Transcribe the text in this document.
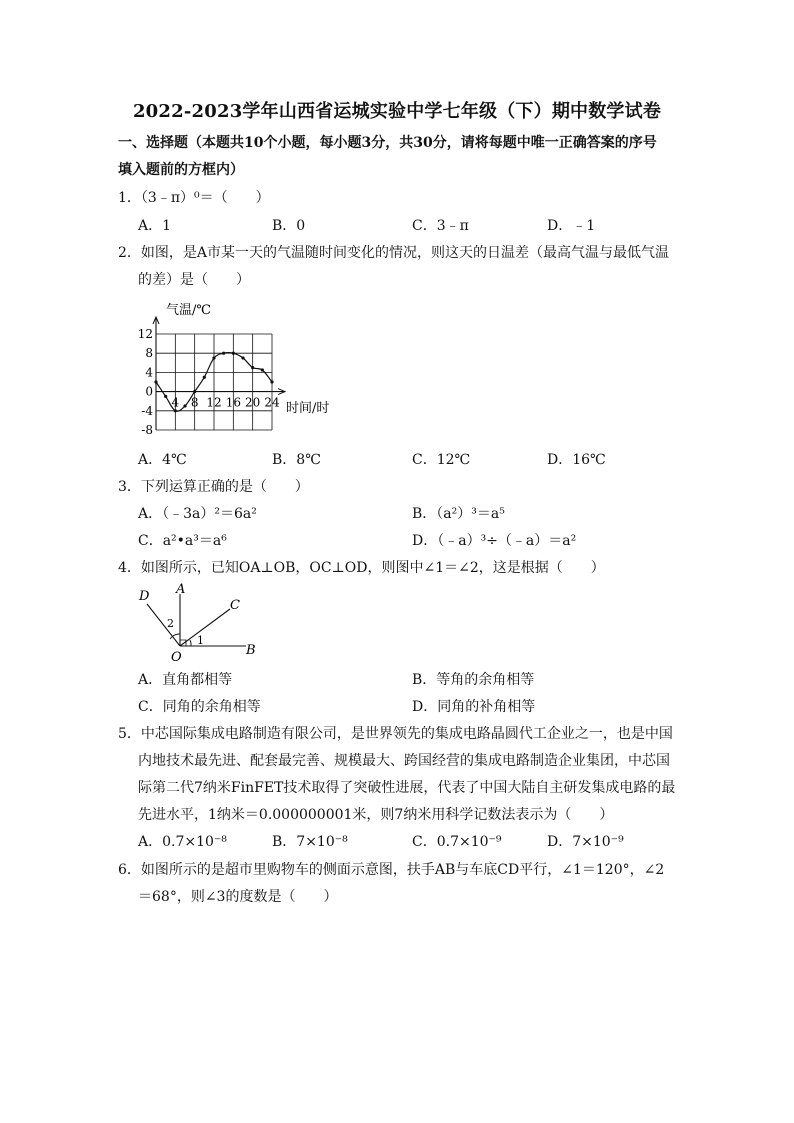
2022-2023学年山西省运城实验中学七年级（下）期中数学试卷
一、选择题（本题共10个小题，每小题3分，共30分，请将每题中唯一正确答案的序号
填入题前的方框内）
1．（3﹣π）⁰＝（　　）
A．1	B．0	C．3﹣π	D．﹣1
2．如图，是A市某一天的气温随时间变化的情况，则这天的日温差（最高气温与最低气温
的差）是（　　）
气温/℃
时间/时
12
8
4
0
-4
-8
4 8 12 16 20 24
A．4℃	B．8℃	C．12℃	D．16℃
3．下列运算正确的是（　　）
A．（﹣3a）²＝6a²	B．（a²）³＝a⁵
C．a²•a³＝a⁶	D．（﹣a）³÷（﹣a）＝a²
4．如图所示，已知OA⊥OB，OC⊥OD，则图中∠1＝∠2，这是根据（　　）
D A
C
2
1
O	B
A．直角都相等	B．等角的余角相等
C．同角的余角相等	D．同角的补角相等
5．中芯国际集成电路制造有限公司，是世界领先的集成电路晶圆代工企业之一，也是中国
内地技术最先进、配套最完善、规模最大、跨国经营的集成电路制造企业集团，中芯国
际第二代7纳米FinFET技术取得了突破性进展，代表了中国大陆自主研发集成电路的最
先进水平，1纳米＝0.000000001米，则7纳米用科学记数法表示为（　　）
A．0.7×10⁻⁸	B．7×10⁻⁸	C．0.7×10⁻⁹	D．7×10⁻⁹
6．如图所示的是超市里购物车的侧面示意图，扶手AB与车底CD平行，∠1＝120°，∠2
＝68°，则∠3的度数是（　　）
